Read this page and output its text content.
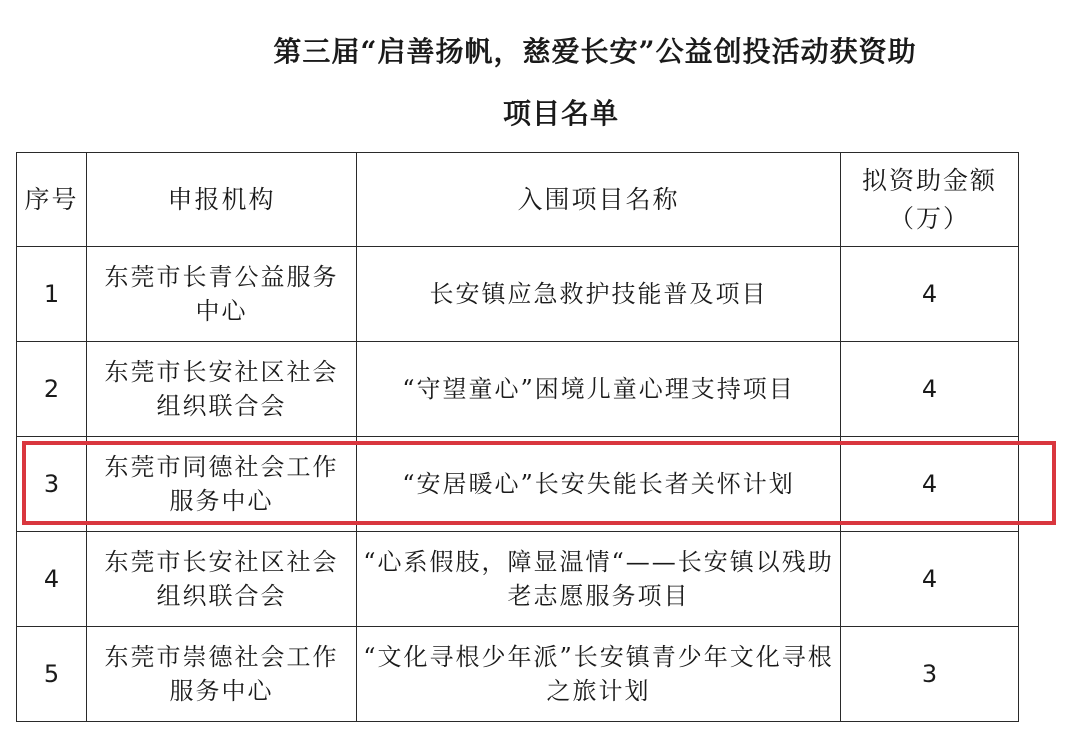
第三届“启善扬帆，慈爱长安”公益创投活动获资助
项目名单
序号	申报机构	入围项目名称	拟资助金额
（万）

1	东莞市长青公益服务中心	长安镇应急救护技能普及项目	4
2	东莞市长安社区社会组织联合会	“守望童心”困境儿童心理支持项目	4
3	东莞市同德社会工作服务中心	“安居暖心”长安失能长者关怀计划	4
4	东莞市长安社区社会组织联合会	“心系假肢，障显温情“——长安镇以残助老志愿服务项目	4
5	东莞市崇德社会工作服务中心	“文化寻根少年派”长安镇青少年文化寻根之旅计划	3
